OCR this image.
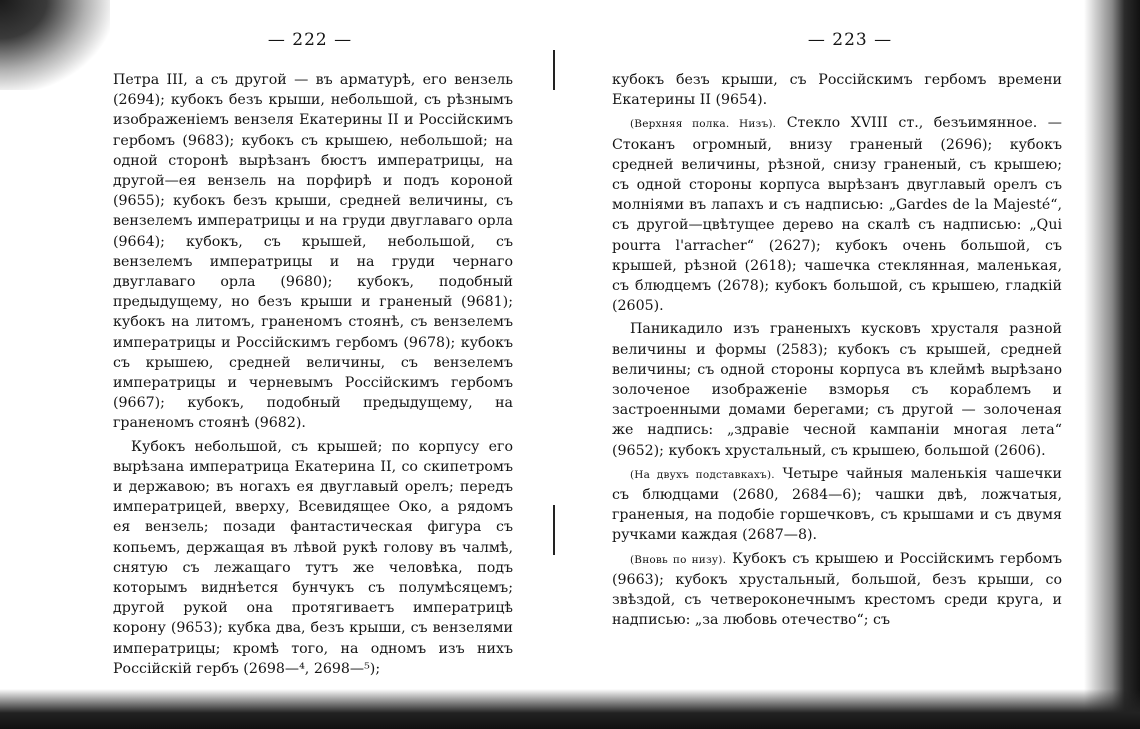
— 222 —

Петра III, а съ другой — въ арматурѣ, его вензель (2694); кубокъ безъ крыши, небольшой, съ рѣзнымъ изображеніемъ вензеля Екатерины II и Россійскимъ гербомъ (9683); кубокъ съ крышею, небольшой; на одной сторонѣ вырѣзанъ бюстъ императрицы, на другой—ея вензель на порфирѣ и подъ короной (9655); кубокъ безъ крыши, средней величины, съ вензелемъ императрицы и на груди двуглаваго орла (9664); кубокъ, съ крышей, небольшой, съ вензелемъ императрицы и на груди чернаго двуглаваго орла (9680); кубокъ, подобный предыдущему, но безъ крыши и граненый (9681); кубокъ на литомъ, граненомъ стоянѣ, съ вензелемъ императрицы и Россійскимъ гербомъ (9678); кубокъ съ крышею, средней величины, съ вензелемъ императрицы и черневымъ Россійскимъ гербомъ (9667); кубокъ, подобный предыдущему, на граненомъ стоянѣ (9682).

Кубокъ небольшой, съ крышей; по корпусу его вырѣзана императрица Екатерина II, со скипетромъ и державою; въ ногахъ ея двуглавый орелъ; передъ императрицей, вверху, Всевидящее Око, а рядомъ ея вензель; позади фантастическая фигура съ копьемъ, держащая въ лѣвой рукѣ голову въ чалмѣ, снятую съ лежащаго тутъ же человѣка, подъ которымъ виднѣется бунчукъ съ полумѣсяцемъ; другой рукой она протягиваетъ императрицѣ корону (9653); кубка два, безъ крыши, съ вензелями императрицы; кромѣ того, на одномъ изъ нихъ Россійскій гербъ (2698—⁴, 2698—⁵);

— 223 —

кубокъ безъ крыши, съ Россійскимъ гербомъ времени Екатерины II (9654).

(Верхняя полка. Низъ). Стекло XVIII ст., безъимянное. —Стоканъ огромный, внизу граненый (2696); кубокъ средней величины, рѣзной, снизу граненый, съ крышею; съ одной стороны корпуса вырѣзанъ двуглавый орелъ съ молніями въ лапахъ и съ надписью: „Gardes de la Majesté“, съ другой—цвѣтущее дерево на скалѣ съ надписью: „Qui pourra l'arracher“ (2627); кубокъ очень большой, съ крышей, рѣзной (2618); чашечка стеклянная, маленькая, съ блюдцемъ (2678); кубокъ большой, съ крышею, гладкій (2605).

Паникадило изъ граненыхъ кусковъ хрусталя разной величины и формы (2583); кубокъ съ крышей, средней величины; съ одной стороны корпуса въ клеймѣ вырѣзано золоченое изображеніе взморья съ кораблемъ и застроенными домами берегами; съ другой — золоченая же надпись: „здравіе чесной кампаніи многая лета“ (9652); кубокъ хрустальный, съ крышею, большой (2606).

(На двухъ подставкахъ). Четыре чайныя маленькія чашечки съ блюдцами (2680, 2684—6); чашки двѣ, ложчатыя, граненыя, на подобіе горшечковъ, съ крышами и съ двумя ручками каждая (2687—8).

(Вновь по низу). Кубокъ съ крышею и Россійскимъ гербомъ (9663); кубокъ хрустальный, большой, безъ крыши, со звѣздой, съ четвероконечнымъ крестомъ среди круга, и надписью: „за любовь отечество“; съ
